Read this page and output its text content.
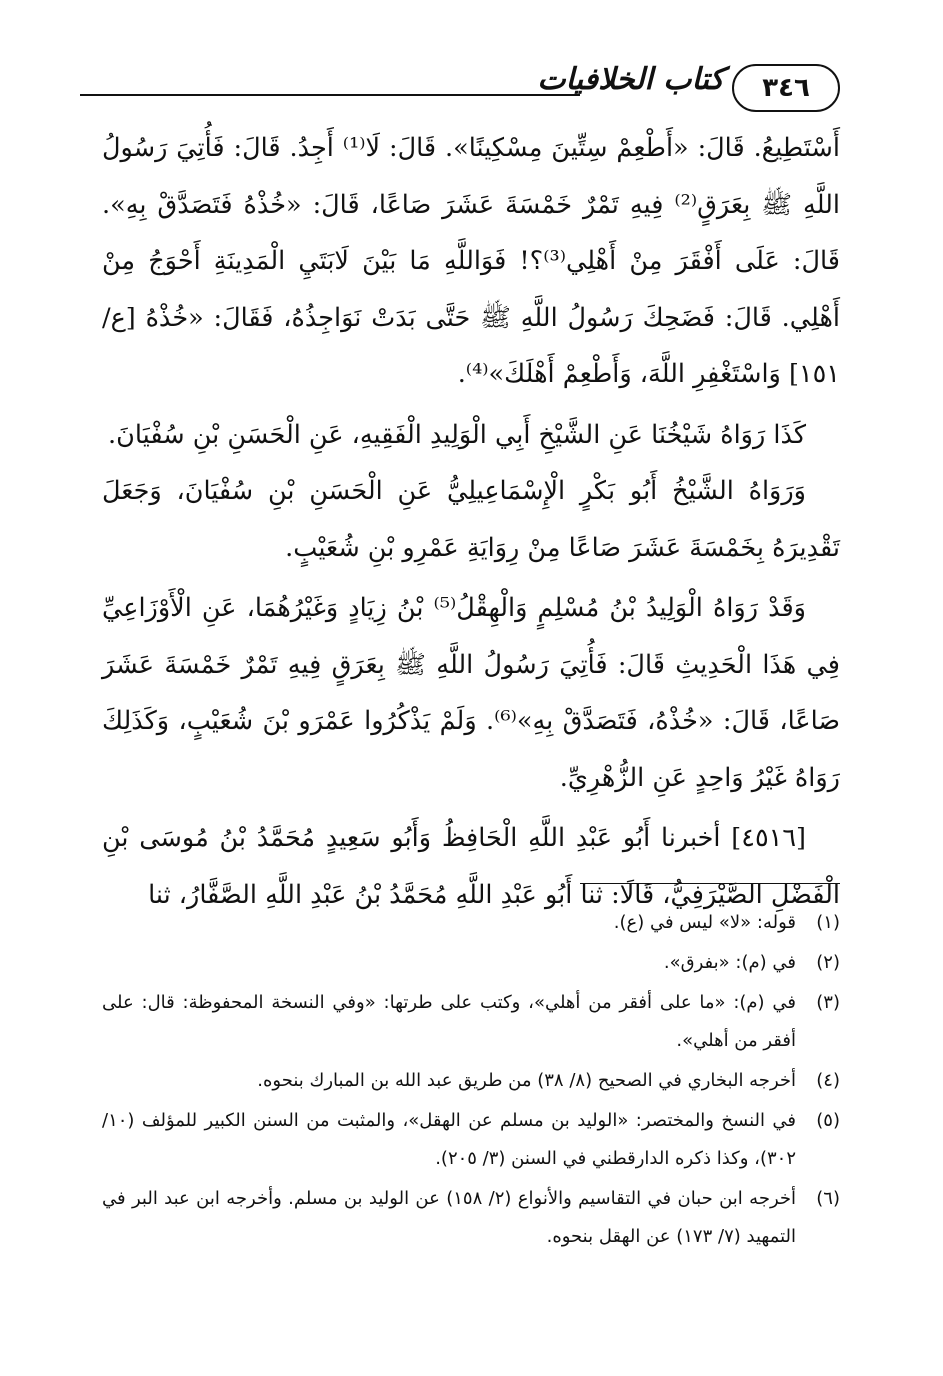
٣٤٦
كتاب الخلافيات

أَسْتَطِيعُ. قَالَ: «أَطْعِمْ سِتِّينَ مِسْكِينًا». قَالَ: لَا⁽¹⁾ أَجِدُ. قَالَ: فَأُتِيَ رَسُولُ اللَّهِ ﷺ بِعَرَقٍ⁽²⁾ فِيهِ تَمْرٌ خَمْسَةَ عَشَرَ صَاعًا، قَالَ: «خُذْهُ فَتَصَدَّقْ بِهِ». قَالَ: عَلَى أَفْقَرَ مِنْ أَهْلِي⁽³⁾؟! فَوَاللَّهِ مَا بَيْنَ لَابَتَيِ الْمَدِينَةِ أَحْوَجُ مِنْ أَهْلِي. قَالَ: فَضَحِكَ رَسُولُ اللَّهِ ﷺ حَتَّى بَدَتْ نَوَاجِذُهُ، فَقَالَ: «خُذْهُ [ع/ ١٥١] وَاسْتَغْفِرِ اللَّهَ، وَأَطْعِمْ أَهْلَكَ»⁽⁴⁾.

كَذَا رَوَاهُ شَيْخُنَا عَنِ الشَّيْخِ أَبِي الْوَلِيدِ الْفَقِيهِ، عَنِ الْحَسَنِ بْنِ سُفْيَانَ.

وَرَوَاهُ الشَّيْخُ أَبُو بَكْرٍ الْإِسْمَاعِيلِيُّ عَنِ الْحَسَنِ بْنِ سُفْيَانَ، وَجَعَلَ تَقْدِيرَهُ بِخَمْسَةَ عَشَرَ صَاعًا مِنْ رِوَايَةِ عَمْرِو بْنِ شُعَيْبٍ.

وَقَدْ رَوَاهُ الْوَلِيدُ بْنُ مُسْلِمٍ وَالْهِقْلُ⁽⁵⁾ بْنُ زِيَادٍ وَغَيْرُهُمَا، عَنِ الْأَوْزَاعِيِّ فِي هَذَا الْحَدِيثِ قَالَ: فَأُتِيَ رَسُولُ اللَّهِ ﷺ بِعَرَقٍ فِيهِ تَمْرٌ خَمْسَةَ عَشَرَ صَاعًا، قَالَ: «خُذْهُ، فَتَصَدَّقْ بِهِ»⁽⁶⁾. وَلَمْ يَذْكُرُوا عَمْرَو بْنَ شُعَيْبٍ، وَكَذَلِكَ رَوَاهُ غَيْرُ وَاحِدٍ عَنِ الزُّهْرِيِّ.

[٤٥١٦] أخبرنا أَبُو عَبْدِ اللَّهِ الْحَافِظُ وَأَبُو سَعِيدٍ مُحَمَّدُ بْنُ مُوسَى بْنِ الْفَضْلِ الصَّيْرَفِيُّ، قَالَا: ثنا أَبُو عَبْدِ اللَّهِ مُحَمَّدُ بْنُ عَبْدِ اللَّهِ الصَّفَّارُ، ثنا

(١)
قوله: «لا» ليس في (ع).
(٢)
في (م): «بفرق».
(٣)
في (م): «ما على أفقر من أهلي»، وكتب على طرتها: «وفي النسخة المحفوظة: قال: على أفقر من أهلي».
(٤)
أخرجه البخاري في الصحيح (٨/ ٣٨) من طريق عبد الله بن المبارك بنحوه.
(٥)
في النسخ والمختصر: «الوليد بن مسلم عن الهقل»، والمثبت من السنن الكبير للمؤلف (١٠/ ٣٠٢)، وكذا ذكره الدارقطني في السنن (٣/ ٢٠٥).
(٦)
أخرجه ابن حبان في التقاسيم والأنواع (٢/ ١٥٨) عن الوليد بن مسلم. وأخرجه ابن عبد البر في التمهيد (٧/ ١٧٣) عن الهقل بنحوه.
